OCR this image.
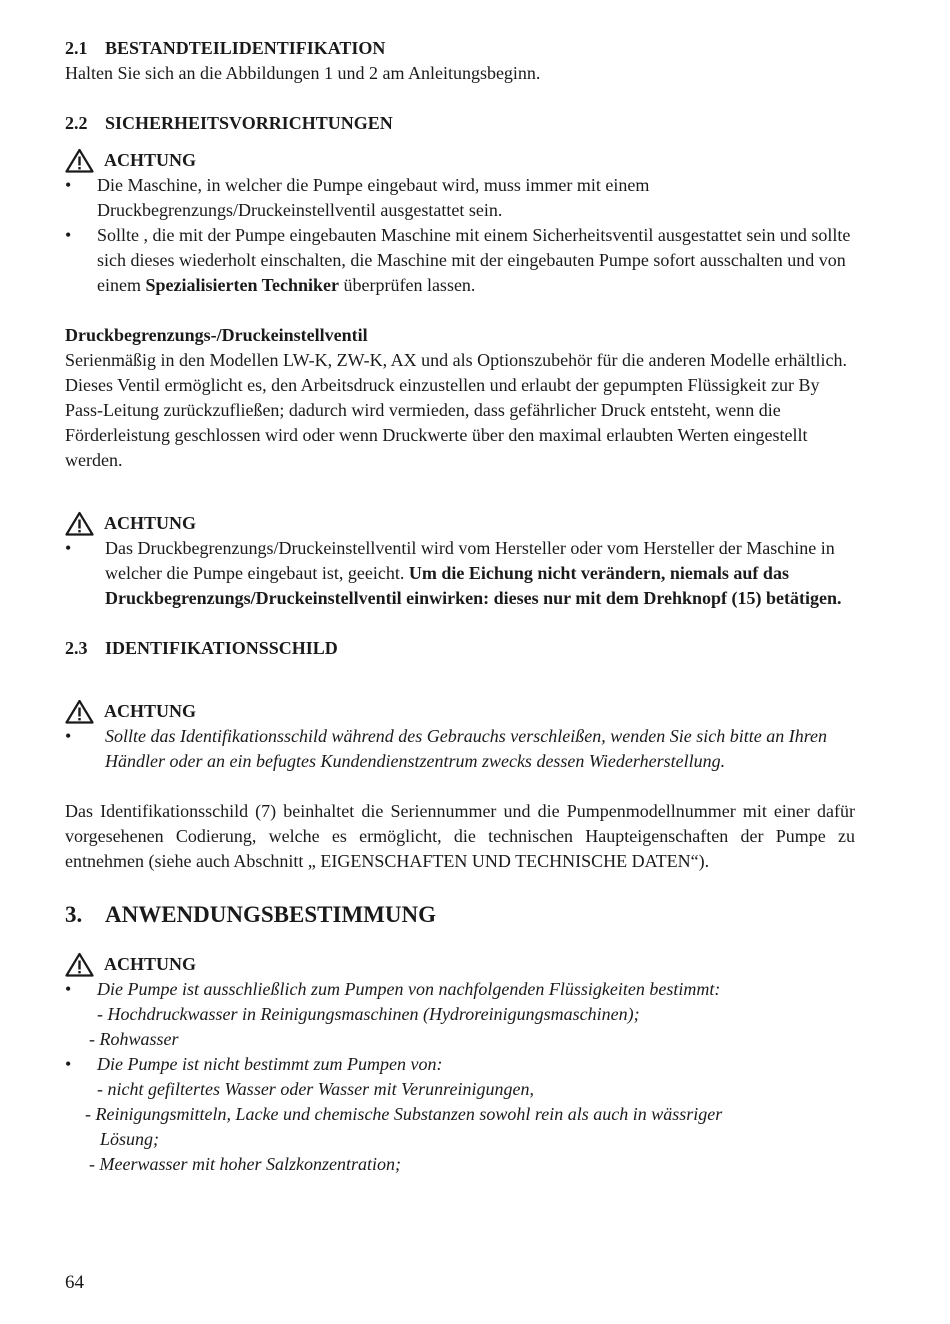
2.1 BESTANDTEILIDENTIFIKATION

Halten Sie sich an die Abbildungen 1 und 2 am Anleitungsbeginn.

2.2 SICHERHEITSVORRICHTUNGEN
ACHTUNG
•	Die Maschine, in welcher die Pumpe eingebaut wird, muss immer mit einem Druckbegrenzungs/Druckeinstellventil ausgestattet sein.
•	Sollte , die mit der Pumpe eingebauten Maschine mit einem Sicherheitsventil ausgestattet sein und sollte sich dieses wiederholt einschalten, die Maschine mit der eingebauten Pumpe sofort ausschalten und von einem Spezialisierten Techniker überprüfen lassen.
Druckbegrenzungs-/Druckeinstellventil

Serienmäßig in den Modellen LW-K, ZW-K, AX und als Optionszubehör für die anderen Modelle erhältlich.

Dieses Ventil ermöglicht es, den Arbeitsdruck einzustellen und erlaubt der gepumpten Flüssigkeit zur By Pass-Leitung zurückzufließen; dadurch wird vermieden, dass gefährlicher Druck entsteht, wenn die Förderleistung geschlossen wird oder wenn Druckwerte über den maximal erlaubten Werten eingestellt werden.

ACHTUNG
•	Das Druckbegrenzungs/Druckeinstellventil wird vom Hersteller oder vom Hersteller der Maschine in welcher die Pumpe eingebaut ist, geeicht. Um die Eichung nicht verändern, niemals auf das Druckbegrenzungs/Druckeinstellventil einwirken: dieses nur mit dem Drehknopf (15) betätigen.
2.3 IDENTIFIKATIONSSCHILD
ACHTUNG
•	Sollte das Identifikationsschild während des Gebrauchs verschleißen, wenden Sie sich bitte an Ihren Händler oder an ein befugtes Kundendienstzentrum zwecks dessen Wiederherstellung.

Das Identifikationsschild (7) beinhaltet die Seriennummer und die Pumpenmodellnummer mit einer dafür vorgesehenen Codierung, welche es ermöglicht, die technischen Haupteigenschaften der Pumpe zu entnehmen (siehe auch Abschnitt „ EIGENSCHAFTEN UND TECHNISCHE DATEN“).

3. ANWENDUNGSBESTIMMUNG
ACHTUNG
•	Die Pumpe ist ausschließlich zum Pumpen von nachfolgenden Flüssigkeiten bestimmt:
- Hochdruckwasser in Reinigungsmaschinen (Hydroreinigungsmaschinen);
- Rohwasser
•	Die Pumpe ist nicht bestimmt zum Pumpen von:
- nicht gefiltertes Wasser oder Wasser mit Verunreinigungen,
- Reinigungsmitteln, Lacke und chemische Substanzen sowohl rein als auch in wässriger
Lösung;
- Meerwasser mit hoher Salzkonzentration;
64
